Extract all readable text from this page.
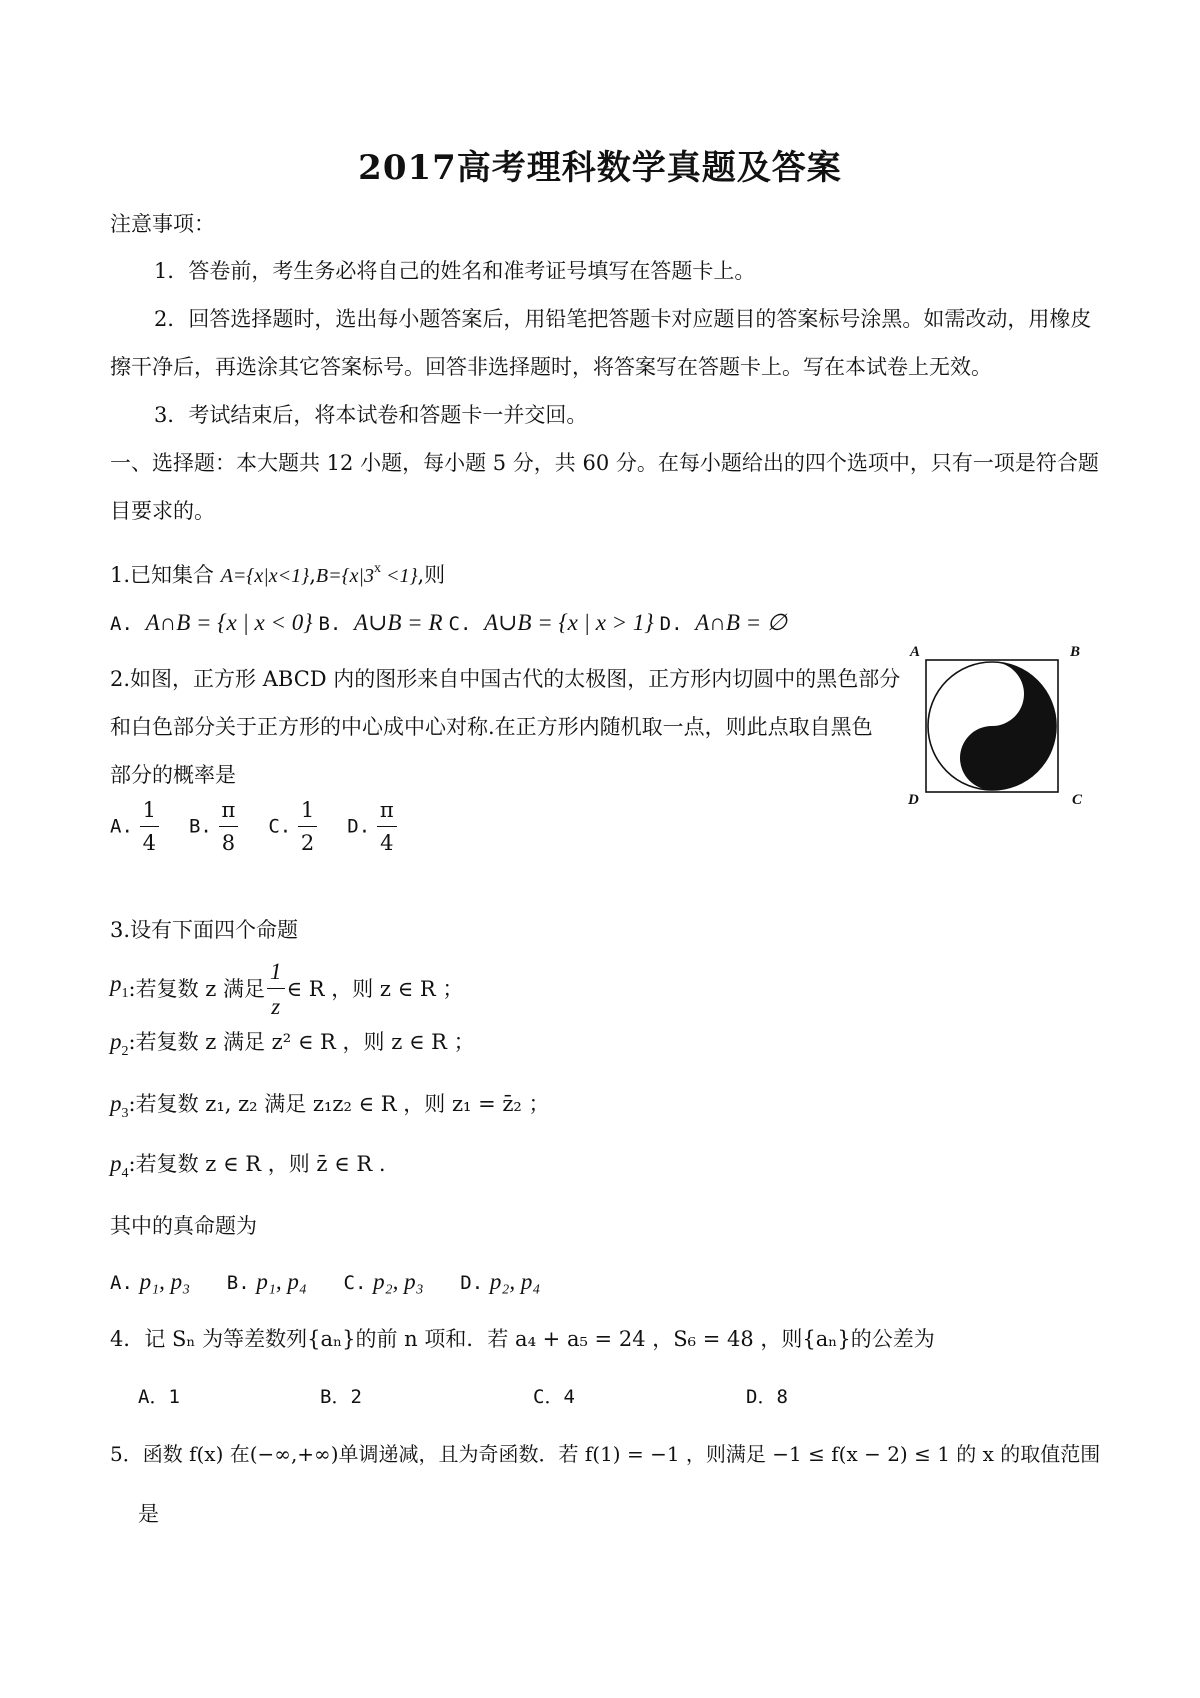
2017高考理科数学真题及答案
注意事项：
1．答卷前，考生务必将自己的姓名和准考证号填写在答题卡上。
2．回答选择题时，选出每小题答案后，用铅笔把答题卡对应题目的答案标号涂黑。如需改动，用橡皮
擦干净后，再选涂其它答案标号。回答非选择题时，将答案写在答题卡上。写在本试卷上无效。
3．考试结束后，将本试卷和答题卡一并交回。
一、选择题：本大题共 12 小题，每小题 5 分，共 60 分。在每小题给出的四个选项中，只有一项是符合题
目要求的。
1.已知集合 $A=\{x|x<1\},B=\{x|3^x <1\}$,则
A. A∩B = {x | x < 0} B. A∪B = R C. A∪B = {x | x > 1} D. A∩B = ∅
2.如图，正方形 ABCD 内的图形来自中国古代的太极图，正方形内切圆中的黑色部分
和白色部分关于正方形的中心成中心对称.在正方形内随机取一点，则此点取自黑色
部分的概率是
A	B
D	C
A. $\frac{1}{4} B$. $\frac{\pi}{8} C$. $\frac{1}{2} D$. $\frac{\pi}{4}$
3.设有下面四个命题
$p_1$ :若复数 z 满足 $\frac{1}{z}$ ∈ R ，则 z ∈ R ；
$p_2$:若复数 z 满足 z² ∈ R ，则 z ∈ R ；
$p_3$:若复数 z₁, z₂ 满足 z₁z₂ ∈ R ，则 z₁ = z̄₂ ；
$p_4$:若复数 z ∈ R ，则 z̄ ∈ R .
其中的真命题为
A. p₁, p₃ B. p₁, p₄ C. p₂, p₃ D. p₂, p₄
4．记 Sₙ 为等差数列{aₙ}的前 n 项和．若 a₄ + a₅ = 24 ，S₆ = 48 ，则{aₙ}的公差为
A．1	B．2	C．4	D．8
5．函数 f(x) 在(−∞,+∞)单调递减，且为奇函数．若 f(1) = −1 ，则满足 −1 ≤ f(x − 2) ≤ 1 的 x 的取值范围
是
